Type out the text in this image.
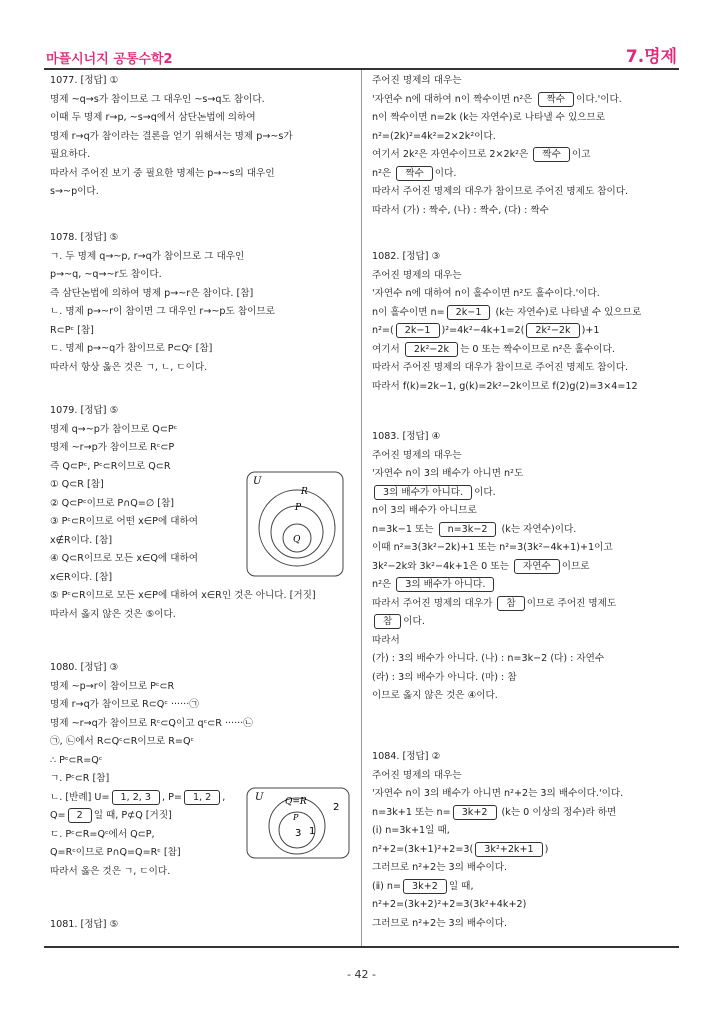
마플시너지 공통수학2	7.명제
1077. [정답] ①
명제 ~q→s가 참이므로 그 대우인 ~s→q도 참이다.
이때 두 명제 r→p, ~s→q에서 삼단논법에 의하여
명제 r→q가 참이라는 결론을 얻기 위해서는 명제 p→~s가
필요하다.
따라서 주어진 보기 중 필요한 명제는 p→~s의 대우인
s→~p이다.
1078. [정답] ⑤
ㄱ. 두 명제 q→~p, r→q가 참이므로 그 대우인
p→~q, ~q→~r도 참이다.
즉 삼단논법에 의하여 명제 p→~r은 참이다. [참]
ㄴ. 명제 p→~r이 참이면 그 대우인 r→~p도 참이므로
R⊂Pᶜ [참]
ㄷ. 명제 p→~q가 참이므로 P⊂Qᶜ [참]
따라서 항상 옳은 것은 ㄱ, ㄴ, ㄷ이다.
1079. [정답] ⑤
명제 q→~p가 참이므로 Q⊂Pᶜ
명제 ~r→p가 참이므로 Rᶜ⊂P
즉 Q⊂Pᶜ, Pᶜ⊂R이므로 Q⊂R
① Q⊂R [참]
② Q⊂Pᶜ이므로 P∩Q=∅ [참]
③ Pᶜ⊂R이므로 어떤 x∈P에 대하여
x∉R이다. [참]
④ Q⊂R이므로 모든 x∈Q에 대하여
x∈R이다. [참]
⑤ Pᶜ⊂R이므로 모든 x∈P에 대하여 x∈R인 것은 아니다. [거짓]
따라서 옳지 않은 것은 ⑤이다.
1080. [정답] ③
명제 ~p→r이 참이므로 Pᶜ⊂R
명제 r→q가 참이므로 R⊂Qᶜ ······㉠
명제 ~r→q가 참이므로 Rᶜ⊂Q이고 qᶜ⊂R ······㉡
㉠, ㉡에서 R⊂Qᶜ⊂R이므로 R=Qᶜ
∴ Pᶜ⊂R=Qᶜ
ㄱ. Pᶜ⊂R [참]
ㄴ. [반례] U= 1, 2, 3 , P= 1, 2 ,
Q= 2 일 때, P⊄Q [거짓]
ㄷ. Pᶜ⊂R=Qᶜ에서 Q⊂P,
Q=Rᶜ이므로 P∩Q=Q=Rᶜ [참]
따라서 옳은 것은 ㄱ, ㄷ이다.
1081. [정답] ⑤
주어진 명제의 대우는
'자연수 n에 대하여 n이 짝수이면 n²은 짝수 이다.'이다.
n이 짝수이면 n=2k (k는 자연수)로 나타낼 수 있으므로
n²=(2k)²=4k²=2×2k²이다.
여기서 2k²은 자연수이므로 2×2k²은 짝수 이고
n²은 짝수 이다.
따라서 주어진 명제의 대우가 참이므로 주어진 명제도 참이다.
따라서 (가) : 짝수, (나) : 짝수, (다) : 짝수
1082. [정답] ③
주어진 명제의 대우는
'자연수 n에 대하여 n이 홀수이면 n²도 홀수이다.'이다.
n이 홀수이면 n= 2k−1 (k는 자연수)로 나타낼 수 있으므로
n²=( 2k−1 )²=4k²−4k+1=2( 2k²−2k )+1
여기서 2k²−2k 는 0 또는 짝수이므로 n²은 홀수이다.
따라서 주어진 명제의 대우가 참이므로 주어진 명제도 참이다.
따라서 f(k)=2k−1, g(k)=2k²−2k이므로 f(2)g(2)=3×4=12
1083. [정답] ④
주어진 명제의 대우는
'자연수 n이 3의 배수가 아니면 n²도
3의 배수가 아니다. 이다.
n이 3의 배수가 아니므로
n=3k−1 또는 n=3k−2 (k는 자연수)이다.
이때 n²=3(3k²−2k)+1 또는 n²=3(3k²−4k+1)+1이고
3k²−2k와 3k²−4k+1은 0 또는 자연수 이므로
n²은 3의 배수가 아니다.
따라서 주어진 명제의 대우가 참 이므로 주어진 명제도
참 이다.
따라서
(가) : 3의 배수가 아니다. (나) : n=3k−2 (다) : 자연수
(라) : 3의 배수가 아니다. (마) : 참
이므로 옳지 않은 것은 ④이다.
1084. [정답] ②
주어진 명제의 대우는
'자연수 n이 3의 배수가 아니면 n²+2는 3의 배수이다.'이다.
n=3k+1 또는 n= 3k+2 (k는 0 이상의 정수)라 하면
(ⅰ) n=3k+1일 때,
n²+2=(3k+1)²+2=3( 3k²+2k+1 )
그러므로 n²+2는 3의 배수이다.
(ⅱ) n= 3k+2 일 때,
n²+2=(3k+2)²+2=3(3k²+4k+2)
그러므로 n²+2는 3의 배수이다.
U
R
P
Q
U Q=R
P
3 1
2
- 42 -
